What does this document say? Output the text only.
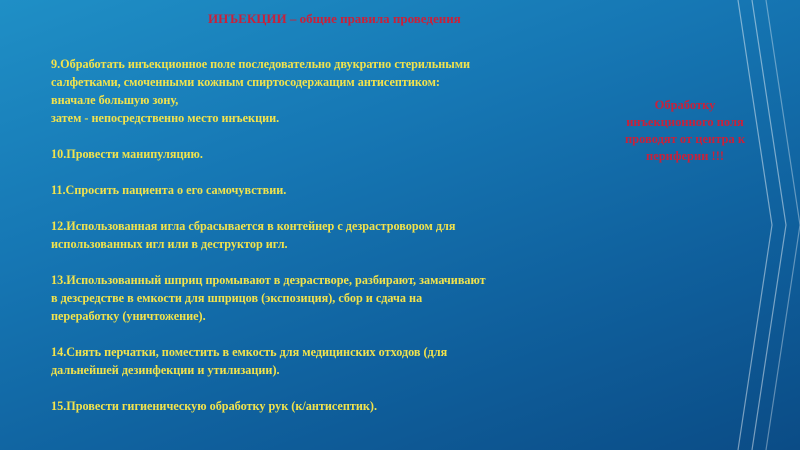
ИНЪЕКЦИИ – общие правила проведения

9.Обработать инъекционное поле последовательно двукратно стерильными
салфетками, смоченными кожным спиртосодержащим антисептиком:
вначале большую зону,
затем - непосредственно место инъекции.

10.Провести манипуляцию.

11.Спросить пациента о его самочувствии.

12.Использованная игла сбрасывается в контейнер с дезрастровором для
использованных игл или в деструктор игл.

13.Использованный шприц промывают в дезрастворе, разбирают, замачивают
в дезсредстве в емкости для шприцов (экспозиция), сбор и сдача на
переработку (уничтожение).

14.Снять перчатки, поместить в емкость для медицинских отходов (для
дальнейшей дезинфекции и утилизации).

15.Провести гигиеническую обработку рук (к/антисептик).

Обработку инъекционного поля проводят от центра к периферии !!!
